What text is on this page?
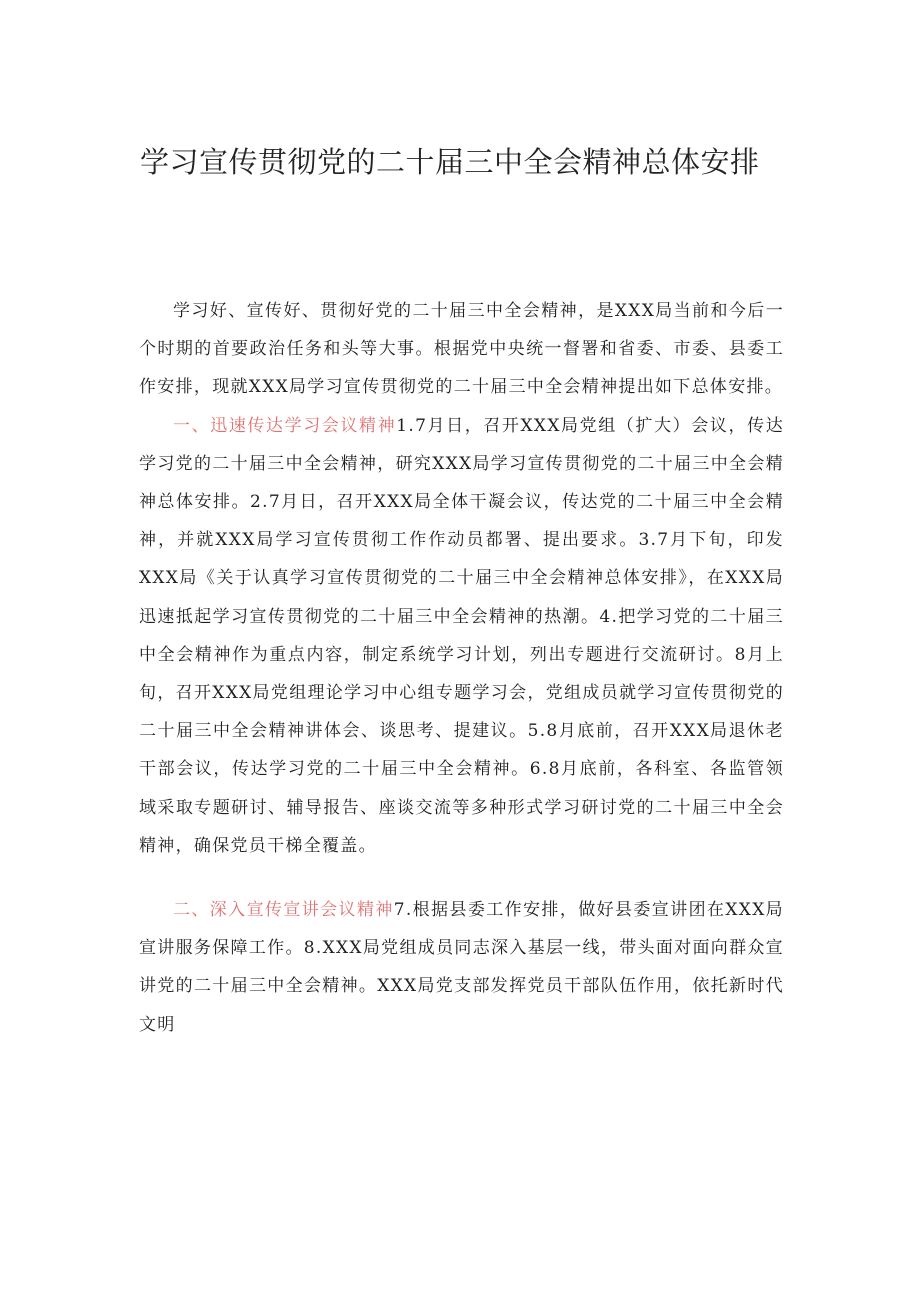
学习宣传贯彻党的二十届三中全会精神总体安排

学习好、宣传好、贯彻好党的二十届三中全会精神，是XXX局当前和今后一个时期的首要政治任务和头等大事。根据党中央统一督署和省委、市委、县委工作安排，现就XXX局学习宣传贯彻党的二十届三中全会精神提出如下总体安排。

一、迅速传达学习会议精神1.7月日，召开XXX局党组（扩大）会议，传达学习党的二十届三中全会精神，研究XXX局学习宣传贯彻党的二十届三中全会精神总体安排。2.7月日，召开XXX局全体干凝会议，传达党的二十届三中全会精神，并就XXX局学习宣传贯彻工作作动员都署、提出要求。3.7月下旬，印发XXX局《关于认真学习宣传贯彻党的二十届三中全会精神总体安排》，在XXX局迅速抵起学习宣传贯彻党的二十届三中全会精神的热潮。4.把学习党的二十届三中全会精神作为重点内容，制定系统学习计划，列出专题进行交流研讨。8月上旬，召开XXX局党组理论学习中心组专题学习会，党组成员就学习宣传贯彻党的二十届三中全会精神讲体会、谈思考、提建议。5.8月底前，召开XXX局退休老干部会议，传达学习党的二十届三中全会精神。6.8月底前，各科室、各监管领域采取专题研讨、辅导报告、座谈交流等多种形式学习研讨党的二十届三中全会精神，确保党员干梯全覆盖。

二、深入宣传宣讲会议精神7.根据县委工作安排，做好县委宣讲团在XXX局宣讲服务保障工作。8.XXX局党组成员同志深入基层一线，带头面对面向群众宣讲党的二十届三中全会精神。XXX局党支部发挥党员干部队伍作用，依托新时代文明
